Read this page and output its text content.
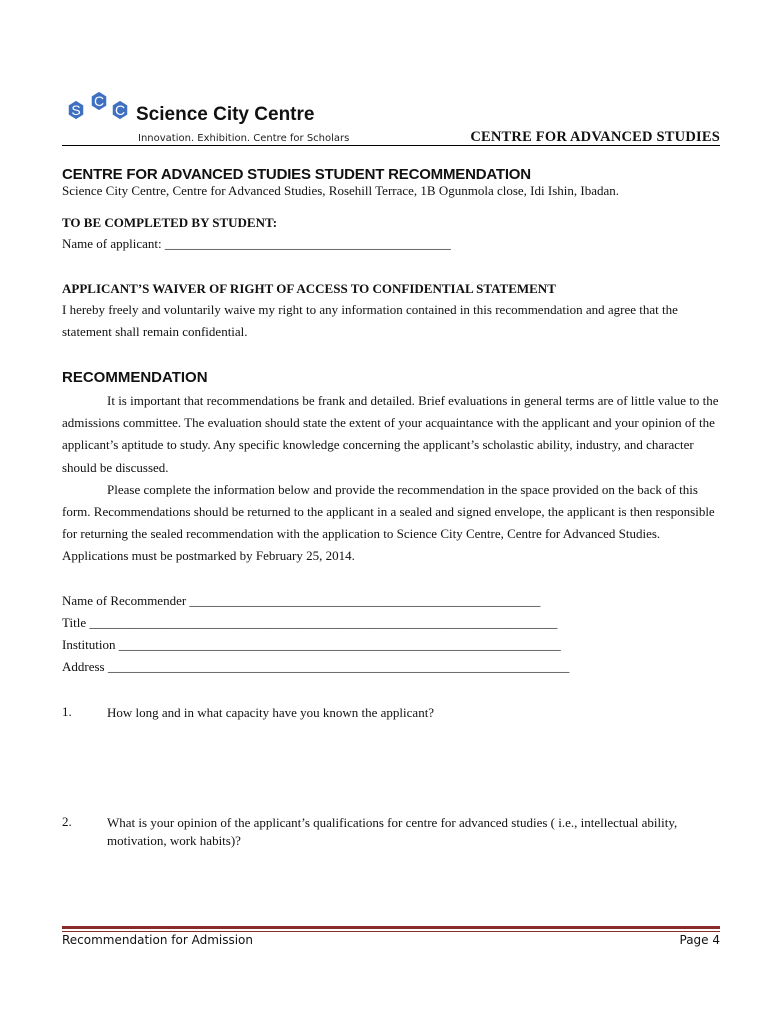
S
C
C Science City Centre
Innovation. Exhibition. Centre for Scholars	CENTRE FOR ADVANCED STUDIES
CENTRE FOR ADVANCED STUDIES STUDENT RECOMMENDATION
Science City Centre, Centre for Advanced Studies, Rosehill Terrace, 1B Ogunmola close, Idi Ishin, Ibadan.
TO BE COMPLETED BY STUDENT:
Name of applicant: ____________________________________________
APPLICANT’S WAIVER OF RIGHT OF ACCESS TO CONFIDENTIAL STATEMENT
I hereby freely and voluntarily waive my right to any information contained in this recommendation and agree that the statement shall remain confidential.
RECOMMENDATION

It is important that recommendations be frank and detailed. Brief evaluations in general terms are of little value to the admissions committee. The evaluation should state the extent of your acquaintance with the applicant and your opinion of the applicant’s aptitude to study. Any specific knowledge concerning the applicant’s scholastic ability, industry, and character should be discussed.

Please complete the information below and provide the recommendation in the space provided on the back of this form. Recommendations should be returned to the applicant in a sealed and signed envelope, the applicant is then responsible for returning the sealed recommendation with the application to Science City Centre, Centre for Advanced Studies. Applications must be postmarked by February 25, 2014.

Name of Recommender ______________________________________________________
Title ________________________________________________________________________
Institution ____________________________________________________________________
Address _______________________________________________________________________
1.	How long and in what capacity have you known the applicant?
2.	What is your opinion of the applicant’s qualifications for centre for advanced studies ( i.e., intellectual ability, motivation, work habits)?
Recommendation for Admission	Page 4
